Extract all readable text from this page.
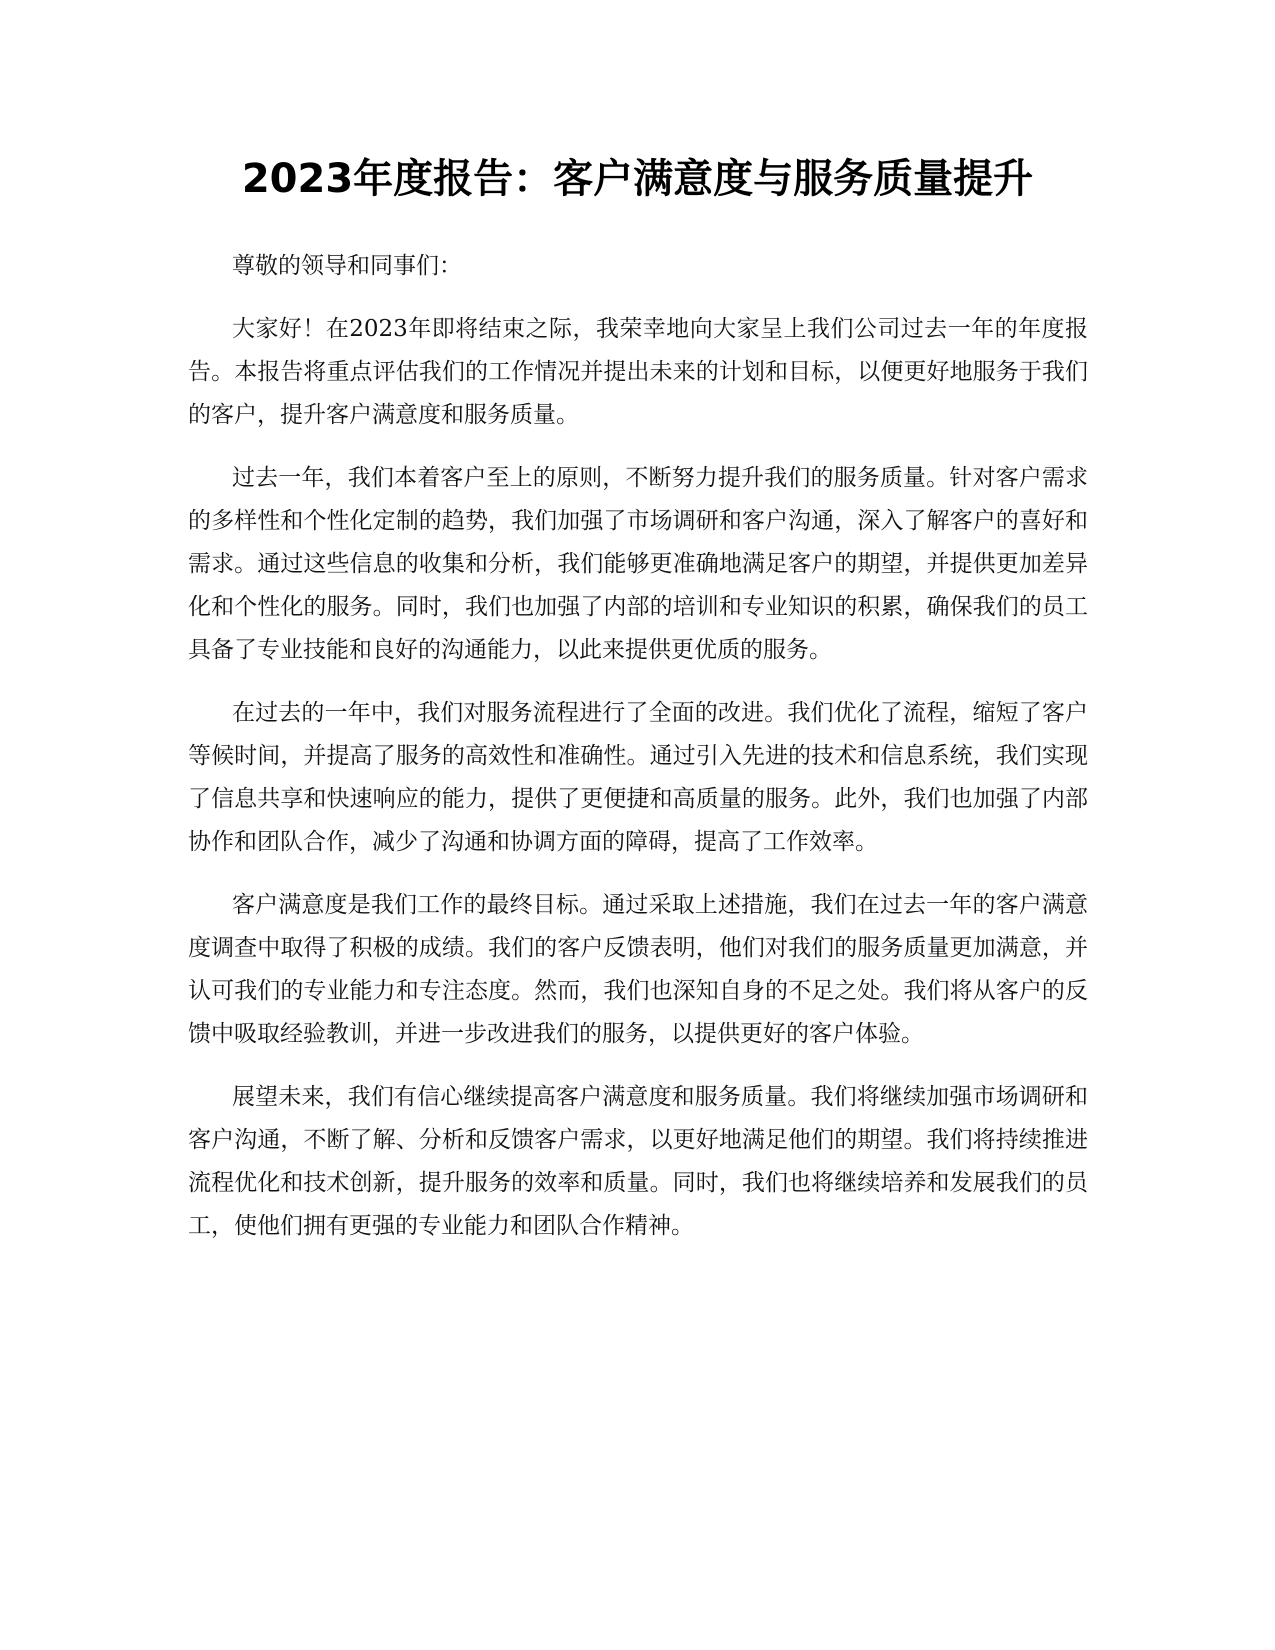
2023年度报告：客户满意度与服务质量提升

尊敬的领导和同事们：

大家好！在2023年即将结束之际，我荣幸地向大家呈上我们公司过去一年的年度报告。本报告将重点评估我们的工作情况并提出未来的计划和目标，以便更好地服务于我们的客户，提升客户满意度和服务质量。

过去一年，我们本着客户至上的原则，不断努力提升我们的服务质量。针对客户需求的多样性和个性化定制的趋势，我们加强了市场调研和客户沟通，深入了解客户的喜好和需求。通过这些信息的收集和分析，我们能够更准确地满足客户的期望，并提供更加差异化和个性化的服务。同时，我们也加强了内部的培训和专业知识的积累，确保我们的员工具备了专业技能和良好的沟通能力，以此来提供更优质的服务。

在过去的一年中，我们对服务流程进行了全面的改进。我们优化了流程，缩短了客户等候时间，并提高了服务的高效性和准确性。通过引入先进的技术和信息系统，我们实现了信息共享和快速响应的能力，提供了更便捷和高质量的服务。此外，我们也加强了内部协作和团队合作，减少了沟通和协调方面的障碍，提高了工作效率。

客户满意度是我们工作的最终目标。通过采取上述措施，我们在过去一年的客户满意度调查中取得了积极的成绩。我们的客户反馈表明，他们对我们的服务质量更加满意，并认可我们的专业能力和专注态度。然而，我们也深知自身的不足之处。我们将从客户的反馈中吸取经验教训，并进一步改进我们的服务，以提供更好的客户体验。

展望未来，我们有信心继续提高客户满意度和服务质量。我们将继续加强市场调研和客户沟通，不断了解、分析和反馈客户需求，以更好地满足他们的期望。我们将持续推进流程优化和技术创新，提升服务的效率和质量。同时，我们也将继续培养和发展我们的员工，使他们拥有更强的专业能力和团队合作精神。
